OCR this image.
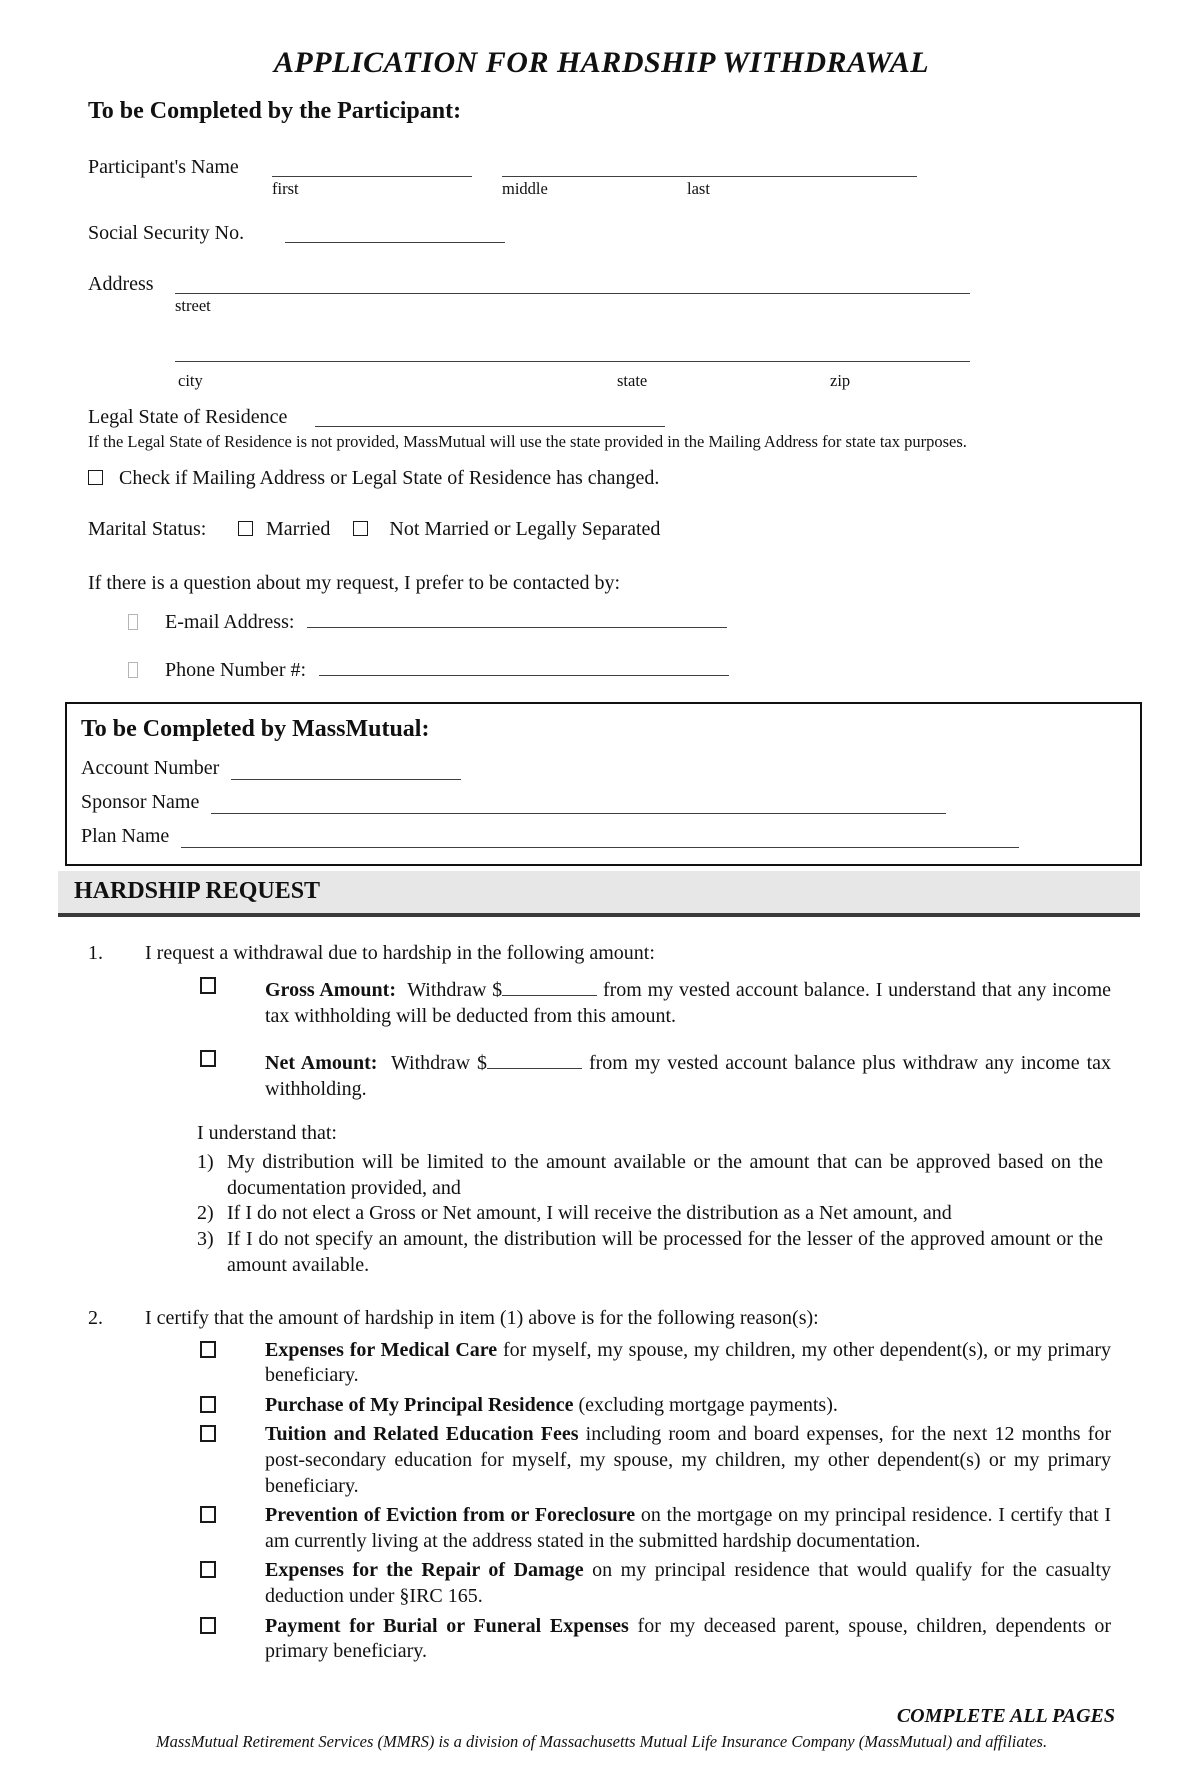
APPLICATION FOR HARDSHIP WITHDRAWAL
To be Completed by the Participant:
Participant's Name
first	middle	last
Social Security No.
Address
street
city	state	zip
Legal State of Residence
If the Legal State of Residence is not provided, MassMutual will use the state provided in the Mailing Address for state tax purposes.
Check if Mailing Address or Legal State of Residence has changed.
Marital Status:	Married	Not Married or Legally Separated
If there is a question about my request, I prefer to be contacted by:
E-mail Address:
Phone Number #:
To be Completed by MassMutual:
Account Number
Sponsor Name
Plan Name
HARDSHIP REQUEST
1. I request a withdrawal due to hardship in the following amount:

Gross Amount: Withdraw $	from my vested account balance. I understand that any income tax withholding will be deducted from this amount.

Net Amount: Withdraw $	from my vested account balance plus withdraw any income tax withholding.

I understand that:
1) My distribution will be limited to the amount available or the amount that can be approved based on the documentation provided, and
2) If I do not elect a Gross or Net amount, I will receive the distribution as a Net amount, and
3) If I do not specify an amount, the distribution will be processed for the lesser of the approved amount or the amount available.
2. I certify that the amount of hardship in item (1) above is for the following reason(s):

Expenses for Medical Care for myself, my spouse, my children, my other dependent(s), or my primary beneficiary.

Purchase of My Principal Residence (excluding mortgage payments).

Tuition and Related Education Fees including room and board expenses, for the next 12 months for post-secondary education for myself, my spouse, my children, my other dependent(s) or my primary beneficiary.

Prevention of Eviction from or Foreclosure on the mortgage on my principal residence. I certify that I am currently living at the address stated in the submitted hardship documentation.

Expenses for the Repair of Damage on my principal residence that would qualify for the casualty deduction under §IRC 165.

Payment for Burial or Funeral Expenses for my deceased parent, spouse, children, dependents or primary beneficiary.

COMPLETE ALL PAGES
MassMutual Retirement Services (MMRS) is a division of Massachusetts Mutual Life Insurance Company (MassMutual) and affiliates.
